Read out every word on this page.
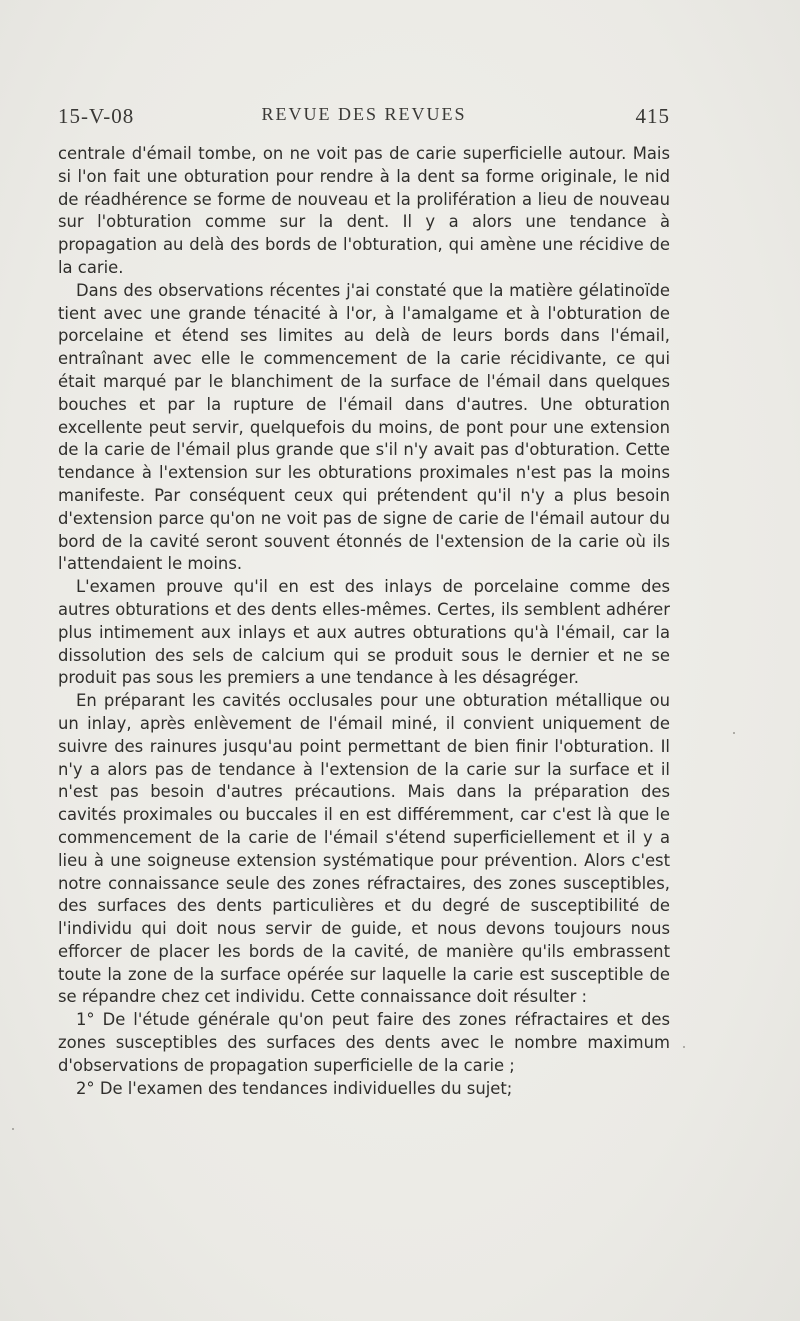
15-V-08	REVUE DES REVUES	415

centrale d'émail tombe, on ne voit pas de carie superficielle autour. Mais si l'on fait une obturation pour rendre à la dent sa forme originale, le nid de réadhérence se forme de nouveau et la prolifération a lieu de nouveau sur l'obturation comme sur la dent. Il y a alors une tendance à propagation au delà des bords de l'obturation, qui amène une récidive de la carie.

Dans des observations récentes j'ai constaté que la matière gélatinoïde tient avec une grande ténacité à l'or, à l'amalgame et à l'obturation de porcelaine et étend ses limites au delà de leurs bords dans l'émail, entraînant avec elle le commencement de la carie récidivante, ce qui était marqué par le blanchiment de la surface de l'émail dans quelques bouches et par la rupture de l'émail dans d'autres. Une obturation excellente peut servir, quelquefois du moins, de pont pour une extension de la carie de l'émail plus grande que s'il n'y avait pas d'obturation. Cette tendance à l'extension sur les obturations proximales n'est pas la moins manifeste. Par conséquent ceux qui prétendent qu'il n'y a plus besoin d'extension parce qu'on ne voit pas de signe de carie de l'émail autour du bord de la cavité seront souvent étonnés de l'extension de la carie où ils l'attendaient le moins.

L'examen prouve qu'il en est des inlays de porcelaine comme des autres obturations et des dents elles-mêmes. Certes, ils semblent adhérer plus intimement aux inlays et aux autres obturations qu'à l'émail, car la dissolution des sels de calcium qui se produit sous le dernier et ne se produit pas sous les premiers a une tendance à les désagréger.

En préparant les cavités occlusales pour une obturation métallique ou un inlay, après enlèvement de l'émail miné, il convient uniquement de suivre des rainures jusqu'au point permettant de bien finir l'obturation. Il n'y a alors pas de tendance à l'extension de la carie sur la surface et il n'est pas besoin d'autres précautions. Mais dans la préparation des cavités proximales ou buccales il en est différemment, car c'est là que le commencement de la carie de l'émail s'étend superficiellement et il y a lieu à une soigneuse extension systématique pour prévention. Alors c'est notre connaissance seule des zones réfractaires, des zones susceptibles, des surfaces des dents particulières et du degré de susceptibilité de l'individu qui doit nous servir de guide, et nous devons toujours nous efforcer de placer les bords de la cavité, de manière qu'ils embrassent toute la zone de la surface opérée sur laquelle la carie est susceptible de se répandre chez cet individu. Cette connaissance doit résulter :

1° De l'étude générale qu'on peut faire des zones réfractaires et des zones susceptibles des surfaces des dents avec le nombre maximum d'observations de propagation superficielle de la carie ;

2° De l'examen des tendances individuelles du sujet;
